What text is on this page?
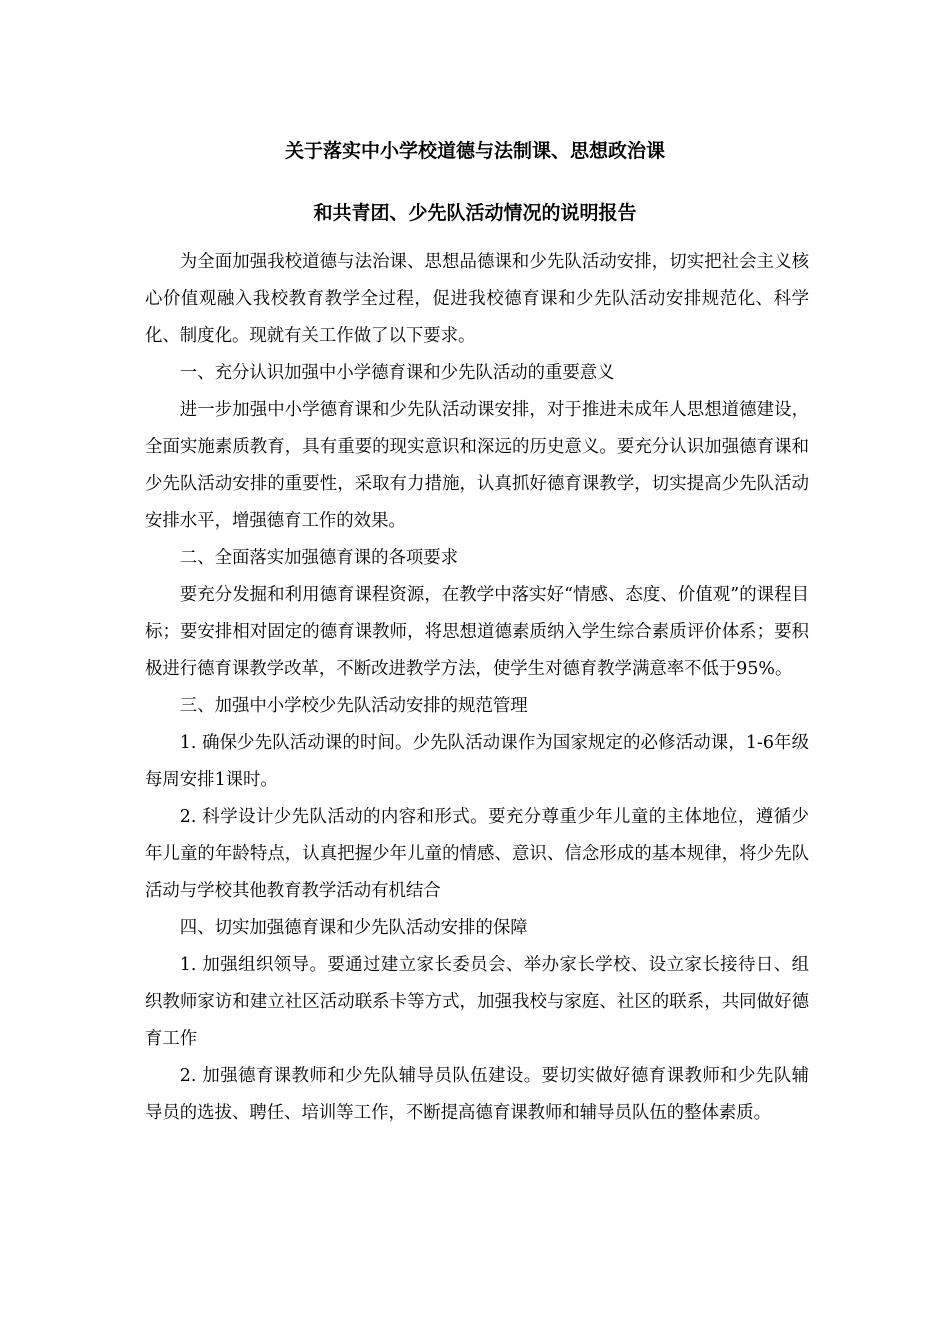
关于落实中小学校道德与法制课、思想政治课
和共青团、少先队活动情况的说明报告

为全面加强我校道德与法治课、思想品德课和少先队活动安排，切实把社会主义核心价值观融入我校教育教学全过程，促进我校德育课和少先队活动安排规范化、科学化、制度化。现就有关工作做了以下要求。

一、充分认识加强中小学德育课和少先队活动的重要意义

进一步加强中小学德育课和少先队活动课安排，对于推进未成年人思想道德建设，全面实施素质教育，具有重要的现实意识和深远的历史意义。要充分认识加强德育课和少先队活动安排的重要性，采取有力措施，认真抓好德育课教学，切实提高少先队活动安排水平，增强德育工作的效果。

二、全面落实加强德育课的各项要求

要充分发掘和利用德育课程资源，在教学中落实好“情感、态度、价值观”的课程目标；要安排相对固定的德育课教师，将思想道德素质纳入学生综合素质评价体系；要积极进行德育课教学改革，不断改进教学方法，使学生对德育教学满意率不低于95%。

三、加强中小学校少先队活动安排的规范管理

1. 确保少先队活动课的时间。少先队活动课作为国家规定的必修活动课，1-6年级每周安排1课时。

2. 科学设计少先队活动的内容和形式。要充分尊重少年儿童的主体地位，遵循少年儿童的年龄特点，认真把握少年儿童的情感、意识、信念形成的基本规律，将少先队活动与学校其他教育教学活动有机结合

四、切实加强德育课和少先队活动安排的保障

1. 加强组织领导。要通过建立家长委员会、举办家长学校、设立家长接待日、组织教师家访和建立社区活动联系卡等方式，加强我校与家庭、社区的联系，共同做好德育工作

2. 加强德育课教师和少先队辅导员队伍建设。要切实做好德育课教师和少先队辅导员的选拔、聘任、培训等工作，不断提高德育课教师和辅导员队伍的整体素质。
